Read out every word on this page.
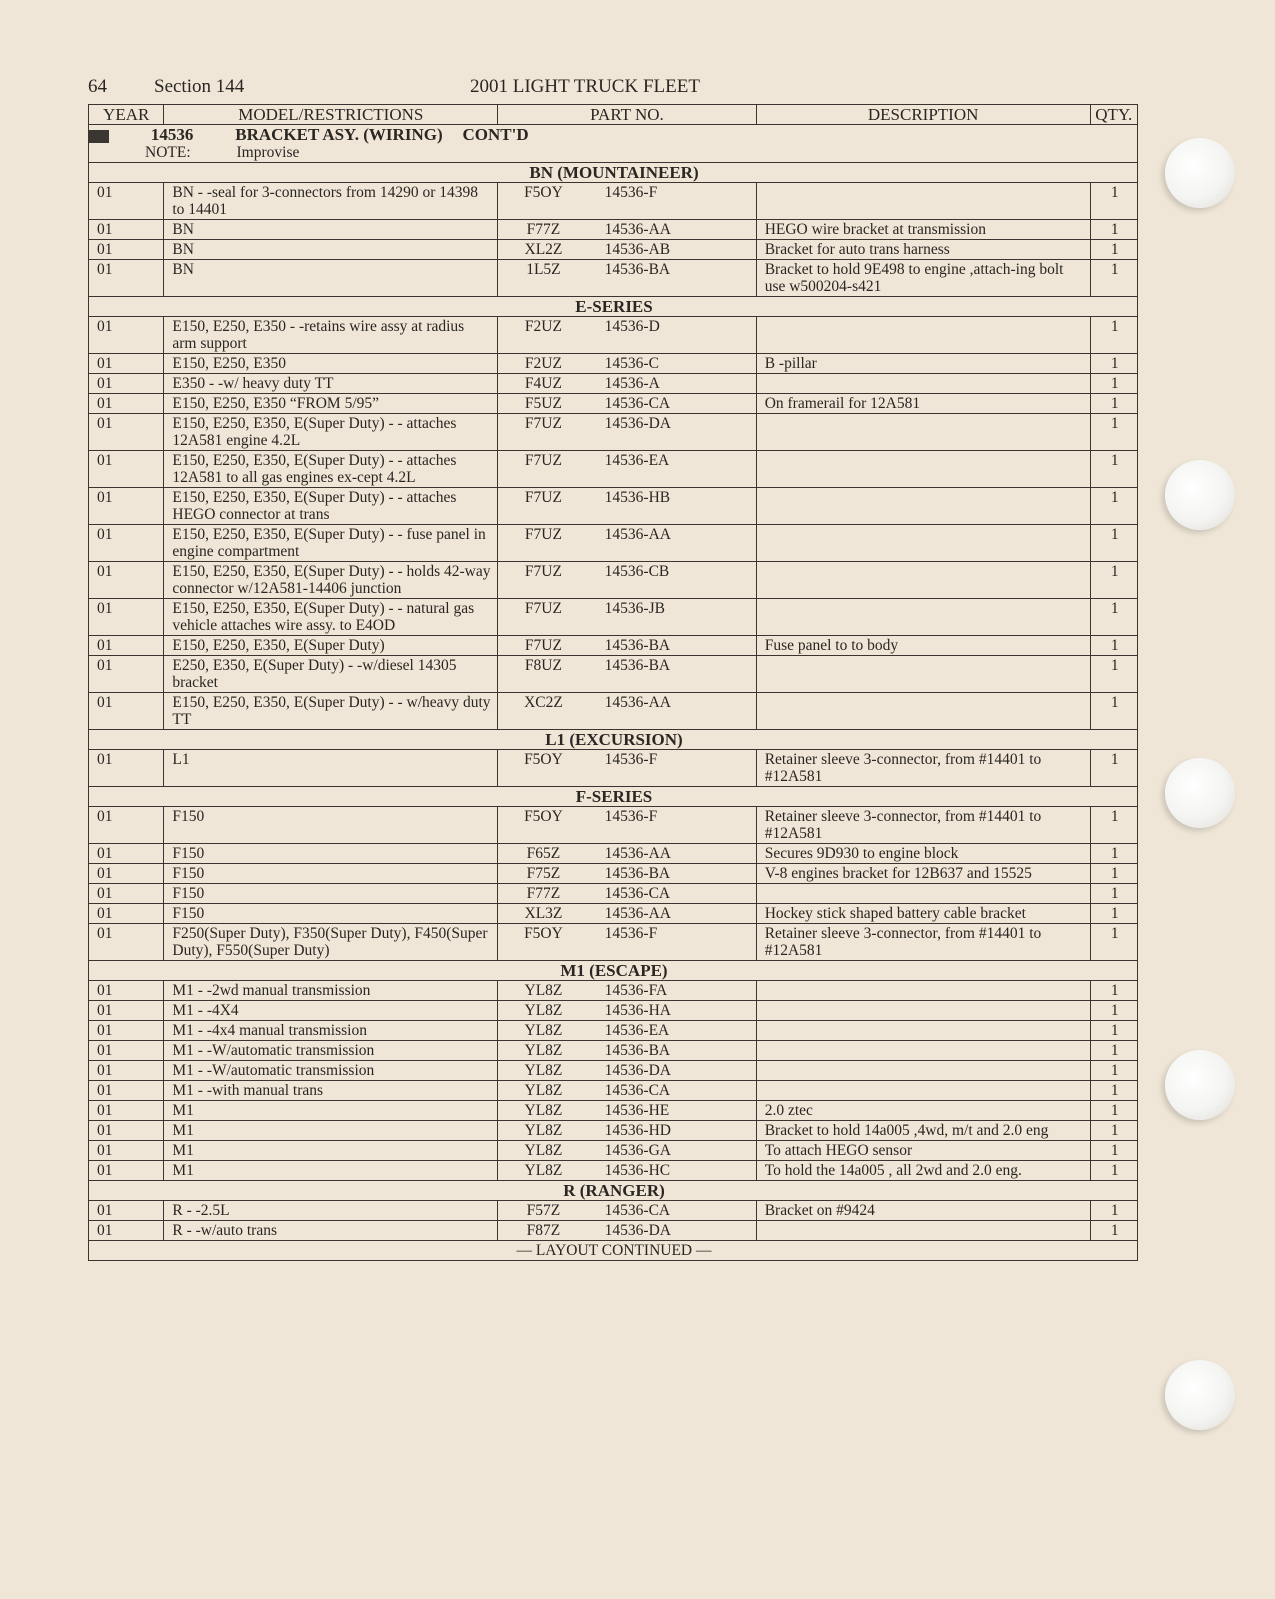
64 Section 144	2001 LIGHT TRUCK FLEET
YEAR	MODEL/RESTRICTIONS	PART NO.		DESCRIPTION	QTY.
14536 BRACKET ASY. (WIRING) CONT'D
NOTE: Improvise					
BN (MOUNTAINEER)					
01	BN - -seal for 3-connectors from 14290 or 14398 to 14401	F5OY	14536-F		1
01	BN	F77Z	14536-AA	HEGO wire bracket at transmission	1
01	BN	XL2Z	14536-AB	Bracket for auto trans harness	1
01	BN	1L5Z	14536-BA	Bracket to hold 9E498 to engine ,attach-ing bolt use w500204-s421	1
E-SERIES					
01	E150, E250, E350 - -retains wire assy at radius arm support	F2UZ	14536-D		1
01	E150, E250, E350	F2UZ	14536-C	B -pillar	1
01	E350 - -w/ heavy duty TT	F4UZ	14536-A		1
01	E150, E250, E350 “FROM 5/95”	F5UZ	14536-CA	On framerail for 12A581	1
01	E150, E250, E350, E(Super Duty) - - attaches 12A581 engine 4.2L	F7UZ	14536-DA		1
01	E150, E250, E350, E(Super Duty) - - attaches 12A581 to all gas engines ex-cept 4.2L	F7UZ	14536-EA		1
01	E150, E250, E350, E(Super Duty) - - attaches HEGO connector at trans	F7UZ	14536-HB		1
01	E150, E250, E350, E(Super Duty) - - fuse panel in engine compartment	F7UZ	14536-AA		1
01	E150, E250, E350, E(Super Duty) - - holds 42-way connector w/12A581-14406 junction	F7UZ	14536-CB		1
01	E150, E250, E350, E(Super Duty) - - natural gas vehicle attaches wire assy. to E4OD	F7UZ	14536-JB		1
01	E150, E250, E350, E(Super Duty)	F7UZ	14536-BA	Fuse panel to to body	1
01	E250, E350, E(Super Duty) - -w/diesel 14305 bracket	F8UZ	14536-BA		1
01	E150, E250, E350, E(Super Duty) - - w/heavy duty TT	XC2Z	14536-AA		1
L1 (EXCURSION)					
01	L1	F5OY	14536-F	Retainer sleeve 3-connector, from #14401 to #12A581	1
F-SERIES					
01	F150	F5OY	14536-F	Retainer sleeve 3-connector, from #14401 to #12A581	1
01	F150	F65Z	14536-AA	Secures 9D930 to engine block	1
01	F150	F75Z	14536-BA	V-8 engines bracket for 12B637 and 15525	1
01	F150	F77Z	14536-CA		1
01	F150	XL3Z	14536-AA	Hockey stick shaped battery cable bracket	1
01	F250(Super Duty), F350(Super Duty), F450(Super Duty), F550(Super Duty)	F5OY	14536-F	Retainer sleeve 3-connector, from #14401 to #12A581	1
M1 (ESCAPE)					
01	M1 - -2wd manual transmission	YL8Z	14536-FA		1
01	M1 - -4X4	YL8Z	14536-HA		1
01	M1 - -4x4 manual transmission	YL8Z	14536-EA		1
01	M1 - -W/automatic transmission	YL8Z	14536-BA		1
01	M1 - -W/automatic transmission	YL8Z	14536-DA		1
01	M1 - -with manual trans	YL8Z	14536-CA		1
01	M1	YL8Z	14536-HE	2.0 ztec	1
01	M1	YL8Z	14536-HD	Bracket to hold 14a005 ,4wd, m/t and 2.0 eng	1
01	M1	YL8Z	14536-GA	To attach HEGO sensor	1
01	M1	YL8Z	14536-HC	To hold the 14a005 , all 2wd and 2.0 eng.	1
R (RANGER)					
01	R - -2.5L	F57Z	14536-CA	Bracket on #9424	1
01	R - -w/auto trans	F87Z	14536-DA		1
— LAYOUT CONTINUED —					
